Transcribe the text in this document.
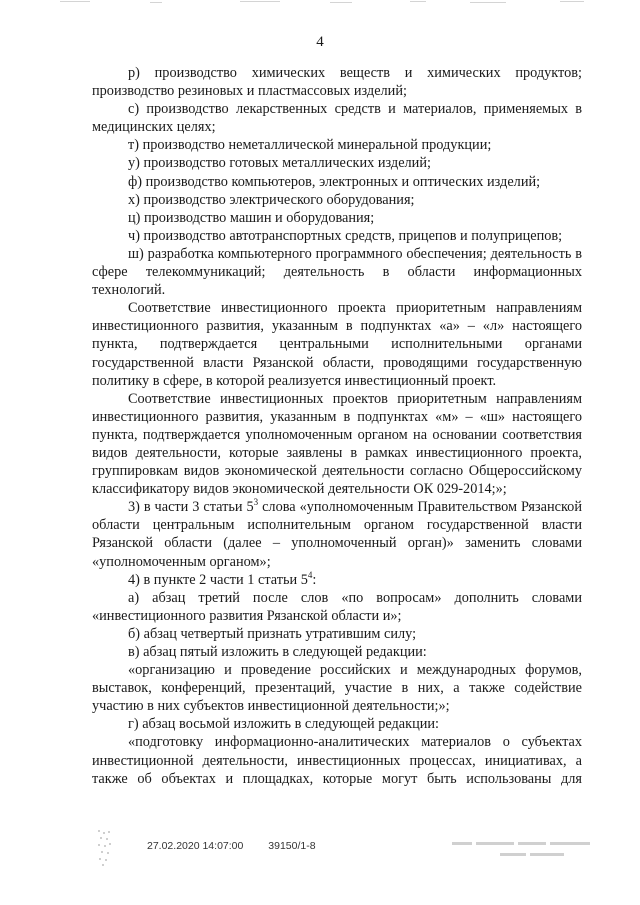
4

р) производство химических веществ и химических продуктов; производство резиновых и пластмассовых изделий;

с) производство лекарственных средств и материалов, применяемых в медицинских целях;

т) производство неметаллической минеральной продукции;

у) производство готовых металлических изделий;

ф) производство компьютеров, электронных и оптических изделий;

х) производство электрического оборудования;

ц) производство машин и оборудования;

ч) производство автотранспортных средств, прицепов и полуприцепов;

ш) разработка компьютерного программного обеспечения; деятельность в сфере телекоммуникаций; деятельность в области информационных технологий.

Соответствие инвестиционного проекта приоритетным направлениям инвестиционного развития, указанным в подпунктах «а» – «л» настоящего пункта, подтверждается центральными исполнительными органами государственной власти Рязанской области, проводящими государственную политику в сфере, в которой реализуется инвестиционный проект.

Соответствие инвестиционных проектов приоритетным направлениям инвестиционного развития, указанным в подпунктах «м» – «ш» настоящего пункта, подтверждается уполномоченным органом на основании соответствия видов деятельности, которые заявлены в рамках инвестиционного проекта, группировкам видов экономической деятельности согласно Общероссийскому классификатору видов экономической деятельности ОК 029-2014;»;

3) в части 3 статьи $5^3$ слова «уполномоченным Правительством Рязанской области центральным исполнительным органом государственной власти Рязанской области (далее – уполномоченный орган)» заменить словами «уполномоченным органом»;

4) в пункте 2 части 1 статьи $5^4$:

а) абзац третий после слов «по вопросам» дополнить словами «инвестиционного развития Рязанской области и»;

б) абзац четвертый признать утратившим силу;

в) абзац пятый изложить в следующей редакции:

«организацию и проведение российских и международных форумов, выставок, конференций, презентаций, участие в них, а также содействие участию в них субъектов инвестиционной деятельности;»;

г) абзац восьмой изложить в следующей редакции:

«подготовку информационно-аналитических материалов о субъектах инвестиционной деятельности, инвестиционных процессах, инициативах, а также об объектах и площадках, которые могут быть использованы для

27.02.2020 14:07:00 39150/1-8
